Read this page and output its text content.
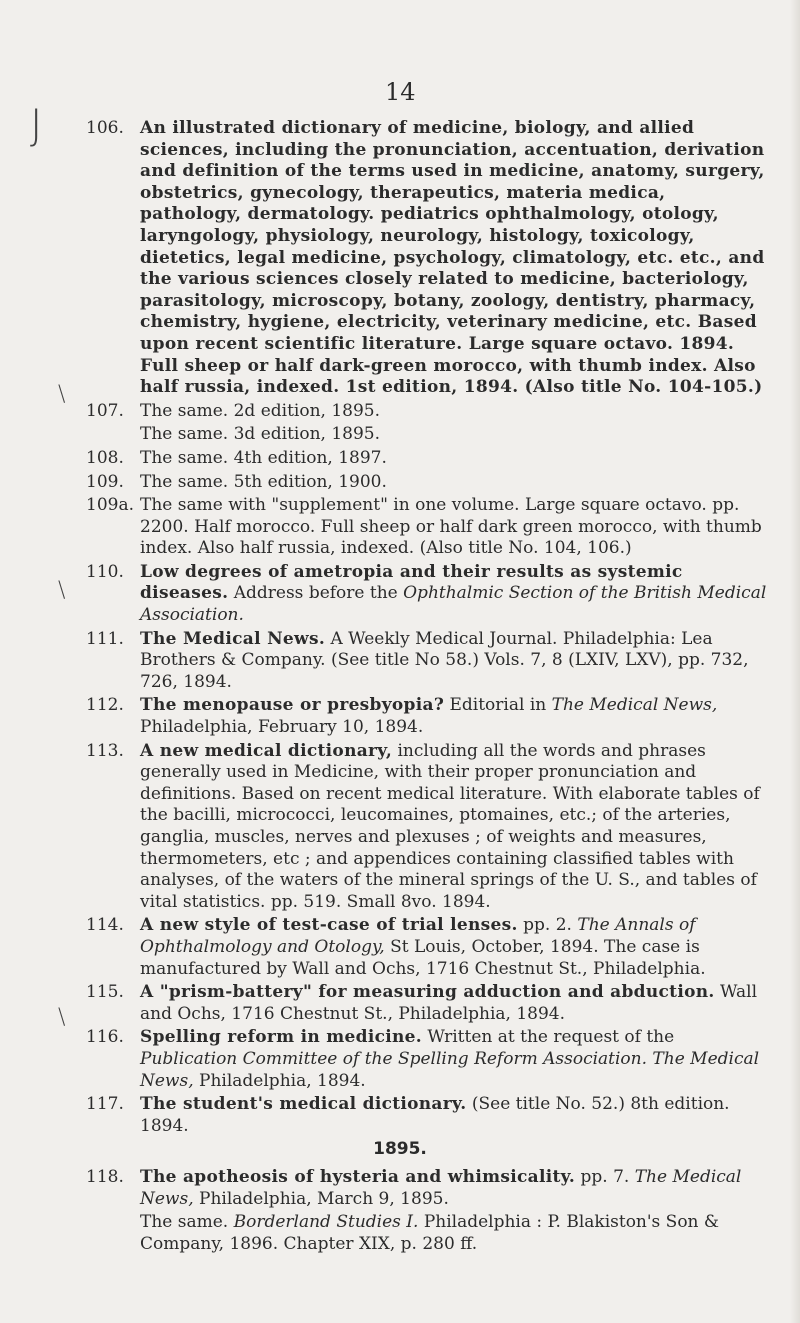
14
J
\
\
\
106. An illustrated dictionary of medicine, biology, and allied sciences, including the pronunciation, accentuation, derivation and definition of the terms used in medicine, anatomy, surgery, obstetrics, gynecology, therapeutics, materia medica, pathology, dermatology. pediatrics ophthalmology, otology, laryngology, physiology, neurology, histology, toxicology, dietetics, legal medicine, psychology, climatology, etc. etc., and the various sciences closely related to medicine, bacteriology, parasitology, microscopy, botany, zoology, dentistry, pharmacy, chemistry, hygiene, electricity, veterinary medicine, etc. Based upon recent scientific literature. Large square octavo. 1894. Full sheep or half dark-green morocco, with thumb index. Also half russia, indexed. 1st edition, 1894. (Also title No. 104-105.)
107. The same. 2d edition, 1895.
The same. 3d edition, 1895.
108. The same. 4th edition, 1897.
109. The same. 5th edition, 1900.
109a. The same with "supplement" in one volume. Large square octavo. pp. 2200. Half morocco. Full sheep or half dark green morocco, with thumb index. Also half russia, indexed. (Also title No. 104, 106.)
110. Low degrees of ametropia and their results as systemic diseases. Address before the Ophthalmic Section of the British Medical Association.
111. The Medical News. A Weekly Medical Journal. Philadelphia: Lea Brothers & Company. (See title No 58.) Vols. 7, 8 (LXIV, LXV), pp. 732, 726, 1894.
112. The menopause or presbyopia? Editorial in The Medical News, Philadelphia, February 10, 1894.
113. A new medical dictionary, including all the words and phrases generally used in Medicine, with their proper pronunciation and definitions. Based on recent medical literature. With elaborate tables of the bacilli, micrococci, leucomaines, ptomaines, etc.; of the arteries, ganglia, muscles, nerves and plexuses ; of weights and measures, thermometers, etc ; and appendices containing classified tables with analyses, of the waters of the mineral springs of the U. S., and tables of vital statistics. pp. 519. Small 8vo. 1894.
114. A new style of test-case of trial lenses. pp. 2. The Annals of Ophthalmology and Otology, St Louis, October, 1894. The case is manufactured by Wall and Ochs, 1716 Chestnut St., Philadelphia.
115. A "prism-battery" for measuring adduction and abduction. Wall and Ochs, 1716 Chestnut St., Philadelphia, 1894.
116. Spelling reform in medicine. Written at the request of the Publication Committee of the Spelling Reform Association. The Medical News, Philadelphia, 1894.
117. The student's medical dictionary. (See title No. 52.) 8th edition. 1894.
1895.
118. The apotheosis of hysteria and whimsicality. pp. 7. The Medical News, Philadelphia, March 9, 1895.
The same. Borderland Studies I. Philadelphia : P. Blakiston's Son & Company, 1896. Chapter XIX, p. 280 ff.
